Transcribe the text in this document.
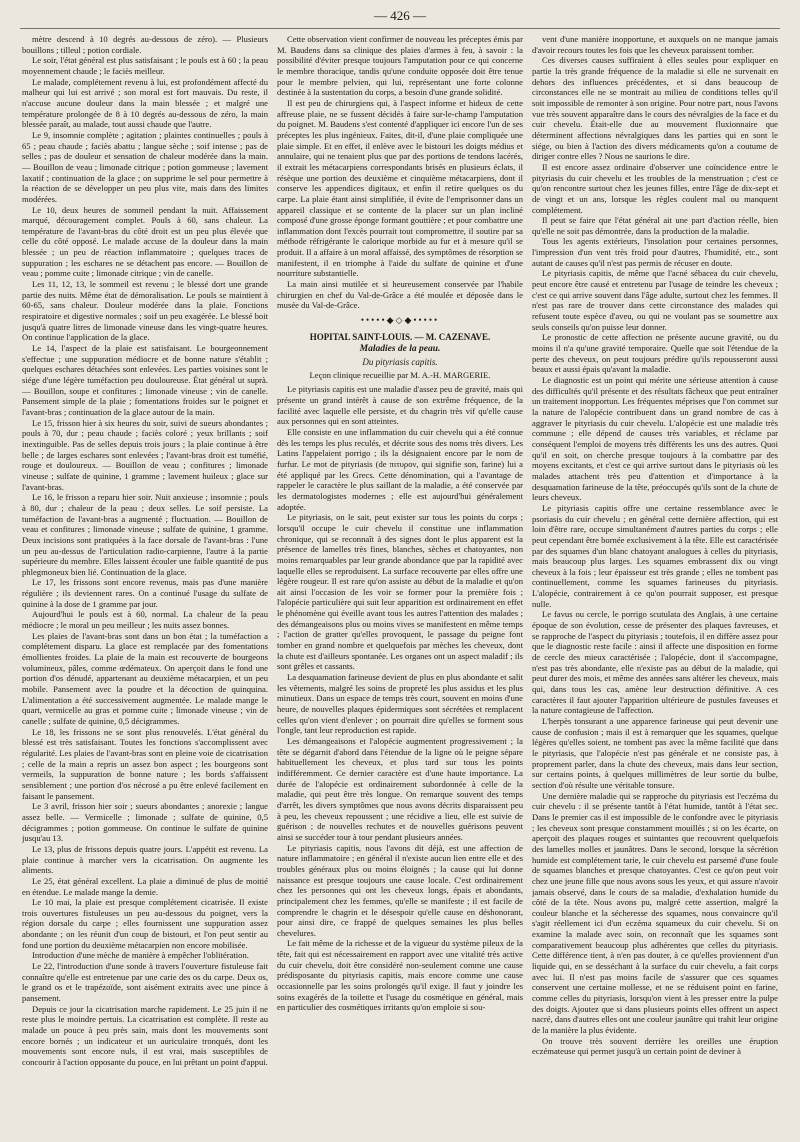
— 426 —

mètre descend à 10 degrés au-dessous de zéro). — Plusieurs bouillons ; tilleul ; potion cordiale.

Le soir, l'état général est plus satisfaisant ; le pouls est à 60 ; la peau moyennement chaude ; le faciès meilleur.

Le malade, complétement revenu à lui, est profondément affecté du malheur qui lui est arrivé ; son moral est fort mauvais. Du reste, il n'accuse aucune douleur dans la main blessée ; et malgré une température prolongée de 8 à 10 degrés au-dessous de zéro, la main blessée paraît, au malade, tout aussi chaude que l'autre.

Le 9, insomnie complète ; agitation ; plaintes continuelles ; pouls à 65 ; peau chaude ; faciès abattu ; langue sèche ; soif intense ; pas de selles ; pas de douleur et sensation de chaleur modérée dans la main. — Bouillon de veau ; limonade citrique ; potion gommeuse ; lavement laxatif ; continuation de la glace ; on supprime le sel pour permettre à la réaction de se développer un peu plus vite, mais dans des limites modérées.

Le 10, deux heures de sommeil pendant la nuit. Affaissement marqué, découragement complet. Pouls à 60, sans chaleur. La température de l'avant-bras du côté droit est un peu plus élevée que celle du côté opposé. Le malade accuse de la douleur dans la main blessée ; un peu de réaction inflammatoire ; quelques traces de suppuration ; les eschares ne se détachent pas encore. — Bouillon de veau ; pomme cuite ; limonade citrique ; vin de canelle.

Les 11, 12, 13, le sommeil est revenu ; le blessé dort une grande partie des nuits. Même état de démoralisation. Le pouls se maintient à 60-65, sans chaleur. Douleur modérée dans la plaie. Fonctions respiratoire et digestive normales ; soif un peu exagérée. Le blessé boit jusqu'à quatre litres de limonade vineuse dans les vingt-quatre heures. On continue l'application de la glace.

Le 14, l'aspect de la plaie est satisfaisant. Le bourgeonnement s'effectue ; une suppuration médiocre et de bonne nature s'établit ; quelques eschares détachées sont enlevées. Les parties voisines sont le siége d'une légère tuméfaction peu douloureuse. État général ut suprà. — Bouillon, soupe et confitures ; limonade vineuse ; vin de canelle. Pansement simple de la plaie ; fomentations froides sur le poignet et l'avant-bras ; continuation de la glace autour de la main.

Le 15, frisson hier à six heures du soir, suivi de sueurs abondantes ; pouls à 70, dur ; peau chaude ; faciès coloré ; yeux brillants ; soif inextinguible. Pas de selles depuis trois jours ; la plaie continue à être belle ; de larges eschares sont enlevées ; l'avant-bras droit est tuméfié, rouge et douloureux. — Bouillon de veau ; confitures ; limonade vineuse ; sulfate de quinine, 1 gramme ; lavement huileux ; glace sur l'avant-bras.

Le 16, le frisson a reparu hier soir. Nuit anxieuse ; insomnie ; pouls à 80, dur ; chaleur de la peau ; deux selles. Le soif persiste. La tuméfaction de l'avant-bras a augmenté ; fluctuation. — Bouillon de veau et confitures ; limonade vineuse ; sulfate de quinine, 1 gramme. Deux incisions sont pratiquées à la face dorsale de l'avant-bras : l'une un peu au-dessus de l'articulation radio-carpienne, l'autre à la partie supérieure du membre. Elles laissent écouler une faible quantité de pus phlegmoneux bien lié. Continuation de la glace.

Le 17, les frissons sont encore revenus, mais pas d'une manière régulière ; ils deviennent rares. On a continué l'usage du sulfate de quinine à la dose de 1 gramme par jour.

Aujourd'hui le pouls est à 60, normal. La chaleur de la peau médiocre ; le moral un peu meilleur ; les nuits assez bonnes.

Les plaies de l'avant-bras sont dans un bon état ; la tuméfaction a complétement disparu. La glace est remplacée par des fomentations émollientes froides. La plaie de la main est recouverte de bourgeons volumineux, pâles, comme œdémateux. On aperçoit dans le fond une portion d'os dénudé, appartenant au deuxième métacarpien, et un peu mobile. Pansement avec la poudre et la décoction de quinquina. L'alimentation a été successivement augmentée. Le malade mange le quart, vermicelle au gras et pomme cuite ; limonade vineuse ; vin de canelle ; sulfate de quinine, 0,5 décigrammes.

Le 18, les frissons ne se sont plus renouvelés. L'état général du blessé est très satisfaisant. Toutes les fonctions s'accomplissent avec régularité. Les plaies de l'avant-bras sont en pleine voie de cicatrisation ; celle de la main a repris un assez bon aspect ; les bourgeons sont vermeils, la suppuration de bonne nature ; les bords s'affaissent sensiblement ; une portion d'os nécrosé a pu être enlevé facilement en faisant le pansement.

Le 3 avril, frisson hier soir ; sueurs abondantes ; anorexie ; langue assez belle. — Vermicelle ; limonade ; sulfate de quinine, 0,5 décigrammes ; potion gommeuse. On continue le sulfate de quinine jusqu'au 13.

Le 13, plus de frissons depuis quatre jours. L'appétit est revenu. La plaie continue à marcher vers la cicatrisation. On augmente les aliments.

Le 25, état général excellent. La plaie a diminué de plus de moitié en étendue. Le malade mange la demie.

Le 10 mai, la plaie est presque complétement cicatrisée. Il existe trois ouvertures fistuleuses un peu au-dessous du poignet, vers la région dorsale du carpe ; elles fournissent une suppuration assez abondante ; on les réunit d'un coup de bistouri, et l'on peut sentir au fond une portion du deuxième métacarpien non encore mobilisée.

Introduction d'une mèche de manière à empêcher l'oblitération.

Le 22, l'introduction d'une sonde à travers l'ouverture fistuleuse fait connaître qu'elle est entretenue par une carie des os du carpe. Deux os, le grand os et le trapézoïde, sont aisément extraits avec une pince à pansement.

Depuis ce jour la cicatrisation marche rapidement. Le 25 juin il ne reste plus le moindre pertuis. La cicatrisation est complète. Il reste au malade un pouce à peu près sain, mais dont les mouvements sont encore bornés ; un indicateur et un auriculaire tronqués, dont les mouvements sont encore nuls, il est vrai, mais susceptibles de concourir à l'action opposante du pouce, en lui prêtant un point d'appui.

Cette observation vient confirmer de nouveau les préceptes émis par M. Baudens dans sa clinique des plaies d'armes à feu, à savoir : la possibilité d'éviter presque toujours l'amputation pour ce qui concerne le membre thoracique, tandis qu'une conduite opposée doit être tenue pour le membre pelvien, qui lui, représentant une forte colonne destinée à la sustentation du corps, a besoin d'une grande solidité.

Il est peu de chirurgiens qui, à l'aspect informe et hideux de cette affreuse plaie, ne se fussent décidés à faire sur-le-champ l'amputation du poignet. M. Baudens s'est contenté d'appliquer ici encore l'un de ses préceptes les plus ingénieux. Faites, dit-il, d'une plaie compliquée une plaie simple. Et en effet, il enlève avec le bistouri les doigts médius et annulaire, qui ne tenaient plus que par des portions de tendons lacérés, il extrait les métacarpiens correspondants brisés en plusieurs éclats, il résèque une portion des deuxième et cinquième métacarpiens, dont il conserve les appendices digitaux, et enfin il retire quelques os du carpe. La plaie étant ainsi simplifiée, il évite de l'emprisonner dans un appareil classique et se contente de la placer sur un plan incliné composé d'une grosse éponge formant gouttière ; et pour combattre une inflammation dont l'excès pourrait tout compromettre, il soutire par sa méthode réfrigérante le calorique morbide au fur et à mesure qu'il se produit. Il a affaire à un moral affaissé, des symptômes de résorption se manifestent, il en triomphe à l'aide du sulfate de quinine et d'une nourriture substantielle.

La main ainsi mutilée et si heureusement conservée par l'habile chirurgien en chef du Val-de-Grâce a été moulée et déposée dans le musée du Val-de-Grâce.

•••••◆◇◆•••••
HOPITAL SAINT-LOUIS. — M. CAZENAVE.
Maladies de la peau.
Du pityriasis capitis.
Leçon clinique recueillie par M. A.-H. MARGERIE.

Le pityriasis capitis est une maladie d'assez peu de gravité, mais qui présente un grand intérêt à cause de son extrême fréquence, de la facilité avec laquelle elle persiste, et du chagrin très vif qu'elle cause aux personnes qui en sont atteintes.

Elle consiste en une inflammation du cuir chevelu qui a été connue dès les temps les plus reculés, et décrite sous des noms très divers. Les Latins l'appelaient porrigo ; ils la désignaient encore par le nom de furfur. Le mot de pityriasis (de πιτυρον, qui signifie son, farine) lui a été appliqué par les Grecs. Cette dénomination, qui a l'avantage de rappeler le caractère le plus saillant de la maladie, a été conservée par les dermatologistes modernes ; elle est aujourd'hui généralement adoptée.

Le pityriasis, on le sait, peut exister sur tous les points du corps ; lorsqu'il occupe le cuir chevelu il constitue une inflammation chronique, qui se reconnaît à des signes dont le plus apparent est la présence de lamelles très fines, blanches, sèches et chatoyantes, non moins remarquables par leur grande abondance que par la rapidité avec laquelle elles se reproduisent. La surface recouverte par elles offre une légère rougeur. Il est rare qu'on assiste au début de la maladie et qu'on ait ainsi l'occasion de les voir se former pour la première fois ; l'alopécie particulière qui suit leur apparition est ordinairement en effet le phénomène qui éveille avant tous les autres l'attention des malades ; des démangeaisons plus ou moins vives se manifestent en même temps ; l'action de gratter qu'elles provoquent, le passage du peigne font tomber en grand nombre et quelquefois par mèches les cheveux, dont la chute est d'ailleurs spontanée. Les organes ont un aspect maladif ; ils sont grêles et cassants.

La desquamation farineuse devient de plus en plus abondante et salit les vêtements, malgré les soins de propreté les plus assidus et les plus minutieux. Dans un espace de temps très court, souvent en moins d'une heure, de nouvelles plaques épidermiques sont sécrétées et remplacent celles qu'on vient d'enlever ; on pourrait dire qu'elles se forment sous l'ongle, tant leur reproduction est rapide.

Les démangeaisons et l'alopécie augmentent progressivement ; la tête se dégarnit d'abord dans l'étendue de la ligne où le peigne sépare habituellement les cheveux, et plus tard sur tous les points indifféremment. Ce dernier caractère est d'une haute importance. La durée de l'alopécie est ordinairement subordonnée à celle de la maladie, qui peut être très longue. On remarque souvent des temps d'arrêt, les divers symptômes que nous avons décrits disparaissent peu à peu, les cheveux repoussent ; une récidive a lieu, elle est suivie de guérison ; de nouvelles rechutes et de nouvelles guérisons peuvent ainsi se succéder tour à tour pendant plusieurs années.

Le pityriasis capitis, nous l'avons dit déjà, est une affection de nature inflammatoire ; en général il n'existe aucun lien entre elle et des troubles généraux plus ou moins éloignés ; la cause qui lui donne naissance est presque toujours une cause locale. C'est ordinairement chez les personnes qui ont les cheveux longs, épais et abondants, principalement chez les femmes, qu'elle se manifeste ; il est facile de comprendre le chagrin et le désespoir qu'elle cause en déshonorant, pour ainsi dire, ce frappé de quelques semaines les plus belles chevelures.

Le fait même de la richesse et de la vigueur du système pileux de la tête, fait qui est nécessairement en rapport avec une vitalité très active du cuir chevelu, doit être considéré non-seulement comme une cause prédisposante du pityriasis capitis, mais encore comme une cause occasionnelle par les soins prolongés qu'il exige. Il faut y joindre les soins exagérés de la toilette et l'usage du cosmétique en général, mais en particulier des cosmétiques irritants qu'on emploie si sou-

vent d'une manière inopportune, et auxquels on ne manque jamais d'avoir recours toutes les fois que les cheveux paraissent tomber.

Ces diverses causes suffiraient à elles seules pour expliquer en partie la très grande fréquence de la maladie si elle ne survenait en dehors des influences précédentes, et si dans beaucoup de circonstances elle ne se montrait au milieu de conditions telles qu'il soit impossible de remonter à son origine. Pour notre part, nous l'avons vue très souvent apparaître dans le cours des névralgies de la face et du cuir chevelu. Était-elle due au mouvement fluxionnaire que déterminent affections névralgiques dans les parties qui en sont le siége, ou bien à l'action des divers médicaments qu'on a coutume de diriger contre elles ? Nous ne saurions le dire.

Il est encore assez ordinaire d'observer une coïncidence entre le pityriasis du cuir chevelu et les troubles de la menstruation ; c'est ce qu'on rencontre surtout chez les jeunes filles, entre l'âge de dix-sept et de vingt et un ans, lorsque les règles coulent mal ou manquent complétement.

Il peut se faire que l'état général ait une part d'action réelle, bien qu'elle ne soit pas démontrée, dans la production de la maladie.

Tous les agents extérieurs, l'insolation pour certaines personnes, l'impression d'un vent très froid pour d'autres, l'humidité, etc., sont autant de causes qu'il n'est pas permis de récuser en doute.

Le pityriasis capitis, de même que l'acné sébacea du cuir chevelu, peut encore être causé et entretenu par l'usage de teindre les cheveux ; c'est ce qui arrive souvent dans l'âge adulte, surtout chez les femmes. Il n'est pas rare de trouver dans cette circonstance des malades qui refusent toute espèce d'aveu, ou qui ne voulant pas se soumettre aux seuls conseils qu'on puisse leur donner.

Le pronostic de cette affection ne présente aucune gravité, ou du moins il n'a qu'une gravité temporaire. Quelle que soit l'étendue de la perte des cheveux, on peut toujours prédire qu'ils repousseront aussi beaux et aussi épais qu'avant la maladie.

Le diagnostic est un point qui mérite une sérieuse attention à cause des difficultés qu'il présente et des résultats fâcheux que peut entraîner un traitement inopportun. Les fréquentes méprises que l'on commet sur la nature de l'alopécie contribuent dans un grand nombre de cas à aggraver le pityriasis du cuir chevelu. L'alopécie est une maladie très commune ; elle dépend de causes très variables, et réclame par conséquent l'emploi de moyens très différents les uns des autres. Quoi qu'il en soit, on cherche presque toujours à la combattre par des moyens excitants, et c'est ce qui arrive surtout dans le pityriasis où les malades attachent très peu d'attention et d'importance à la desquamation farineuse de la tête, préoccupés qu'ils sont de la chute de leurs cheveux.

Le pityriasis capitis offre une certaine ressemblance avec le psoriasis du cuir chevelu ; en général cette dernière affection, qui est loin d'être rare, occupe simultanément d'autres parties du corps ; elle peut cependant être bornée exclusivement à la tête. Elle est caractérisée par des squames d'un blanc chatoyant analogues à celles du pityriasis, mais beaucoup plus larges. Les squames embrassent dix ou vingt cheveux à la fois ; leur épaisseur est très grande ; elles ne tombent pas continuellement, comme les squames farineuses du pityriasis. L'alopécie, contrairement à ce qu'on pourrait supposer, est presque nulle.

Le favus ou cercle, le porrigo scutulata des Anglais, à une certaine époque de son évolution, cesse de présenter des plaques favreuses, et se rapproche de l'aspect du pityriasis ; toutefois, il en diffère assez pour que le diagnostic reste facile : ainsi il affecte une disposition en forme de cercle des mieux caractérisée ; l'alopécie, dont il s'accompagne, n'est pas très abondante, elle n'existe pas au début de la maladie, qui peut durer des mois, et même des années sans altérer les cheveux, mais qui, dans tous les cas, amène leur destruction définitive. A ces caractères il faut ajouter l'apparition ultérieure de pustules faveuses et la nature contagieuse de l'affection.

L'herpès tonsurant a une apparence farineuse qui peut devenir une cause de confusion ; mais il est à remarquer que les squames, quelque légères qu'elles soient, ne tombent pas avec la même facilité que dans le pityriasis, que l'alopécie n'est pas générale et ne consiste pas, à proprement parler, dans la chute des cheveux, mais dans leur section, sur certains points, à quelques millimètres de leur sortie du bulbe, section d'où résulte une véritable tonsure.

Une dernière maladie qui se rapproche du pityriasis est l'eczéma du cuir chevelu : il se présente tantôt à l'état humide, tantôt à l'état sec. Dans le premier cas il est impossible de le confondre avec le pityriasis ; les cheveux sont presque constamment mouillés ; si on les écarte, on aperçoit des plaques rouges et suintantes que recouvrent quelquefois des lamelles molles et jaunâtres. Dans le second, lorsque la sécrétion humide est complétement tarie, le cuir chevelu est parsemé d'une foule de squames blanches et presque chatoyantes. C'est ce qu'on peut voir chez une jeune fille que nous avons sous les yeux, et qui assure n'avoir jamais observé, dans le cours de sa maladie, d'exhalation humide du côté de la tête. Nous avons pu, malgré cette assertion, malgré la couleur blanche et la sécheresse des squames, nous convaincre qu'il s'agit réellement ici d'un eczéma squameux du cuir chevelu. Si on examine la malade avec soin, on reconnaît que les squames sont comparativement beaucoup plus adhérentes que celles du pityriasis. Cette différence tient, à n'en pas douter, à ce qu'elles proviennent d'un liquide qui, en se desséchant à la surface du cuir chevelu, a fait corps avec lui. Il n'est pas moins facile de s'assurer que ces squames conservent une certaine mollesse, et ne se réduisent point en farine, comme celles du pityriasis, lorsqu'on vient à les presser entre la pulpe des doigts. Ajoutez que si dans plusieurs points elles offrent un aspect nacré, dans d'autres elles ont une couleur jaunâtre qui trahit leur origine de la manière la plus évidente.

On trouve très souvent derrière les oreilles une éruption eczémateuse qui permet jusqu'à un certain point de deviner à
